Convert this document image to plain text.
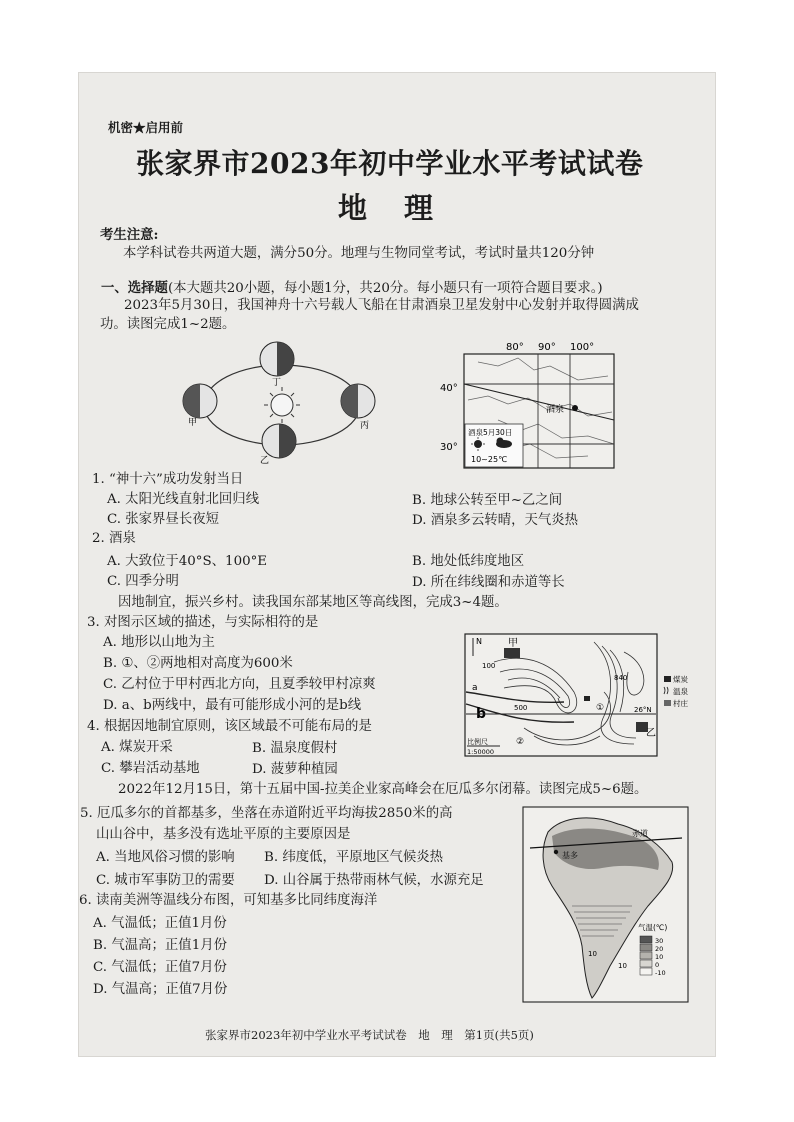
机密★启用前
张家界市2023年初中学业水平考试试卷
地　理
考生注意:
本学科试卷共两道大题，满分50分。地理与生物同堂考试，考试时量共120分钟
一、选择题(本大题共20小题，每小题1分，共20分。每小题只有一项符合题目要求。)
2023年5月30日，我国神舟十六号载人飞船在甘肃酒泉卫星发射中心发射并取得圆满成
功。读图完成1~2题。
甲
乙
丙
丁
80° 90° 100°
40°
30°
酒泉
酒泉5月30日
10~25℃
1. “神十六”成功发射当日
A. 太阳光线直射北回归线	B. 地球公转至甲~乙之间
C. 张家界昼长夜短	D. 酒泉多云转晴，天气炎热
2. 酒泉
A. 大致位于40°S、100°E	B. 地处低纬度地区
C. 四季分明	D. 所在纬线圈和赤道等长
因地制宜，振兴乡村。读我国东部某地区等高线图，完成3~4题。
3. 对图示区域的描述，与实际相符的是
A. 地形以山地为主
B. ①、②两地相对高度为600米
C. 乙村位于甲村西北方向，且夏季较甲村凉爽
D. a、b两线中，最有可能形成小河的是b线
4. 根据因地制宜原则，该区域最不可能布局的是
A. 煤炭开采	B. 温泉度假村
C. 攀岩活动基地	D. 菠萝种植园
N	甲
100
500
840
a
b	26°N
①
②
乙
比例尺
1:50000
煤炭
温泉
村庄
2022年12月15日，第十五届中国-拉美企业家高峰会在厄瓜多尔闭幕。读图完成5~6题。
5. 厄瓜多尔的首都基多，坐落在赤道附近平均海拔2850米的高
山山谷中，基多没有选址平原的主要原因是
A. 当地风俗习惯的影响 B. 纬度低，平原地区气候炎热
C. 城市军事防卫的需要 D. 山谷属于热带雨林气候，水源充足
6. 读南美洲等温线分布图，可知基多比同纬度海洋
A. 气温低；正值1月份
B. 气温高；正值1月份
C. 气温低；正值7月份
D. 气温高；正值7月份
赤道
基多
10
10
气温(℃)
30
20
10
0
-10
张家界市2023年初中学业水平考试试卷　地　理　第1页(共5页)
